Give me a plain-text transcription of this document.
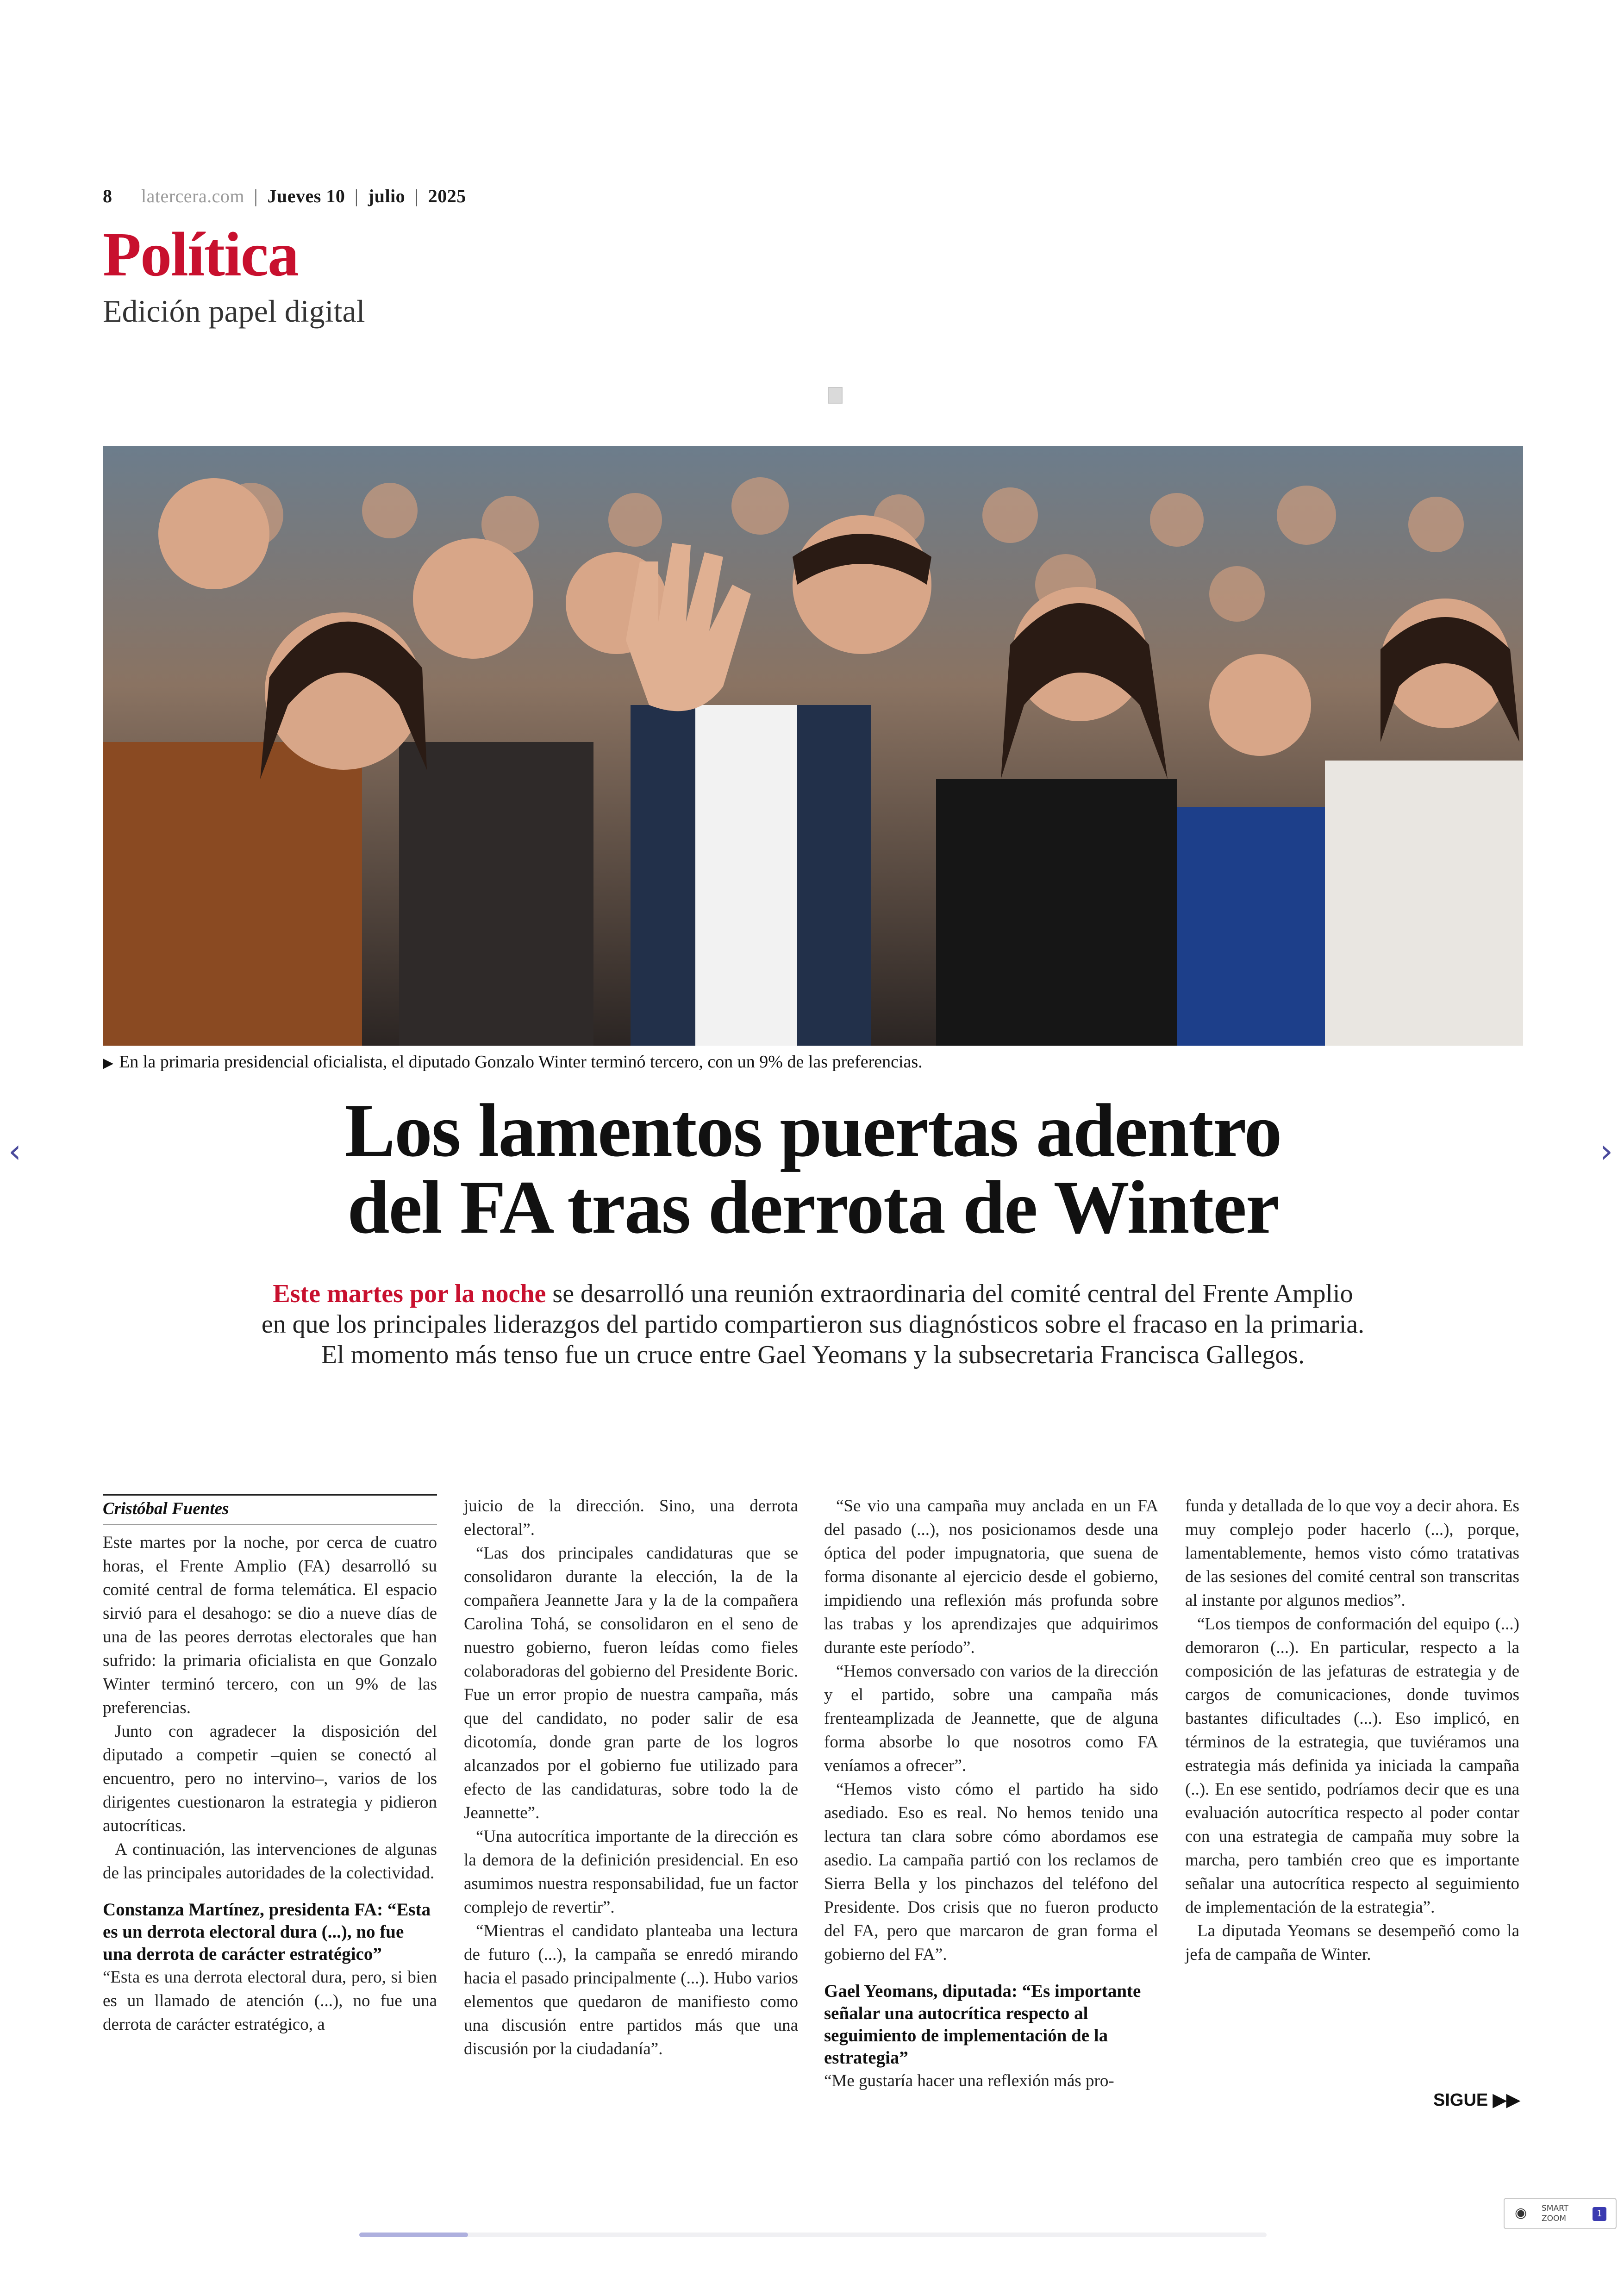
8 latercera.com | Jueves 10 | julio | 2025
Política
Edición papel digital
▶ En la primaria presidencial oficialista, el diputado Gonzalo Winter terminó tercero, con un 9% de las preferencias.
‹	›
Los lamentos puertas adentro
del FA tras derrota de Winter
Este martes por la noche se desarrolló una reunión extraordinaria del comité central del Frente Amplio
en que los principales liderazgos del partido compartieron sus diagnósticos sobre el fracaso en la primaria.
El momento más tenso fue un cruce entre Gael Yeomans y la subsecretaria Francisca Gallegos.
Cristóbal Fuentes

Este martes por la noche, por cerca de cuatro horas, el Frente Amplio (FA) desarrolló su comité central de forma telemática. El espacio sirvió para el desahogo: se dio a nueve días de una de las peores derrotas electorales que han sufrido: la primaria oficialista en que Gonzalo Winter terminó tercero, con un 9% de las preferencias.

Junto con agradecer la disposición del diputado a competir –quien se conectó al encuentro, pero no intervino–, varios de los dirigentes cuestionaron la estrategia y pidieron autocríticas.

A continuación, las intervenciones de algunas de las principales autoridades de la colectividad.

Constanza Martínez, presidenta FA: “Esta es un derrota electoral dura (...), no fue una derrota de carácter estratégico”

“Esta es una derrota electoral dura, pero, si bien es un llamado de atención (...), no fue una derrota de carácter estratégico, a

juicio de la dirección. Sino, una derrota electoral”.

“Las dos principales candidaturas que se consolidaron durante la elección, la de la compañera Jeannette Jara y la de la compañera Carolina Tohá, se consolidaron en el seno de nuestro gobierno, fueron leídas como fieles colaboradoras del gobierno del Presidente Boric. Fue un error propio de nuestra campaña, más que del candidato, no poder salir de esa dicotomía, donde gran parte de los logros alcanzados por el gobierno fue utilizado para efecto de las candidaturas, sobre todo la de Jeannette”.

“Una autocrítica importante de la dirección es la demora de la definición presidencial. En eso asumimos nuestra responsabilidad, fue un factor complejo de revertir”.

“Mientras el candidato planteaba una lectura de futuro (...), la campaña se enredó mirando hacia el pasado principalmente (...). Hubo varios elementos que quedaron de manifiesto como una discusión entre partidos más que una discusión por la ciudadanía”.

“Se vio una campaña muy anclada en un FA del pasado (...), nos posicionamos desde una óptica del poder impugnatoria, que suena de forma disonante al ejercicio desde el gobierno, impidiendo una reflexión más profunda sobre las trabas y los aprendizajes que adquirimos durante este período”.

“Hemos conversado con varios de la dirección y el partido, sobre una campaña más frenteamplizada de Jeannette, que de alguna forma absorbe lo que nosotros como FA veníamos a ofrecer”.

“Hemos visto cómo el partido ha sido asediado. Eso es real. No hemos tenido una lectura tan clara sobre cómo abordamos ese asedio. La campaña partió con los reclamos de Sierra Bella y los pinchazos del teléfono del Presidente. Dos crisis que no fueron producto del FA, pero que marcaron de gran forma el gobierno del FA”.

Gael Yeomans, diputada: “Es importante señalar una autocrítica respecto al seguimiento de implementación de la estrategia”

“Me gustaría hacer una reflexión más pro-

funda y detallada de lo que voy a decir ahora. Es muy complejo poder hacerlo (...), porque, lamentablemente, hemos visto cómo tratativas de las sesiones del comité central son transcritas al instante por algunos medios”.

“Los tiempos de conformación del equipo (...) demoraron (...). En particular, respecto a la composición de las jefaturas de estrategia y de cargos de comunicaciones, donde tuvimos bastantes dificultades (...). Eso implicó, en términos de la estrategia, que tuviéramos una estrategia más definida ya iniciada la campaña (..). En ese sentido, podríamos decir que es una evaluación autocrítica respecto al poder contar con una estrategia de campaña muy sobre la marcha, pero también creo que es importante señalar una autocrítica respecto al seguimiento de implementación de la estrategia”.

La diputada Yeomans se desempeñó como la jefa de campaña de Winter.

SIGUE ▶▶
◉ SMART
ZOOM	1
